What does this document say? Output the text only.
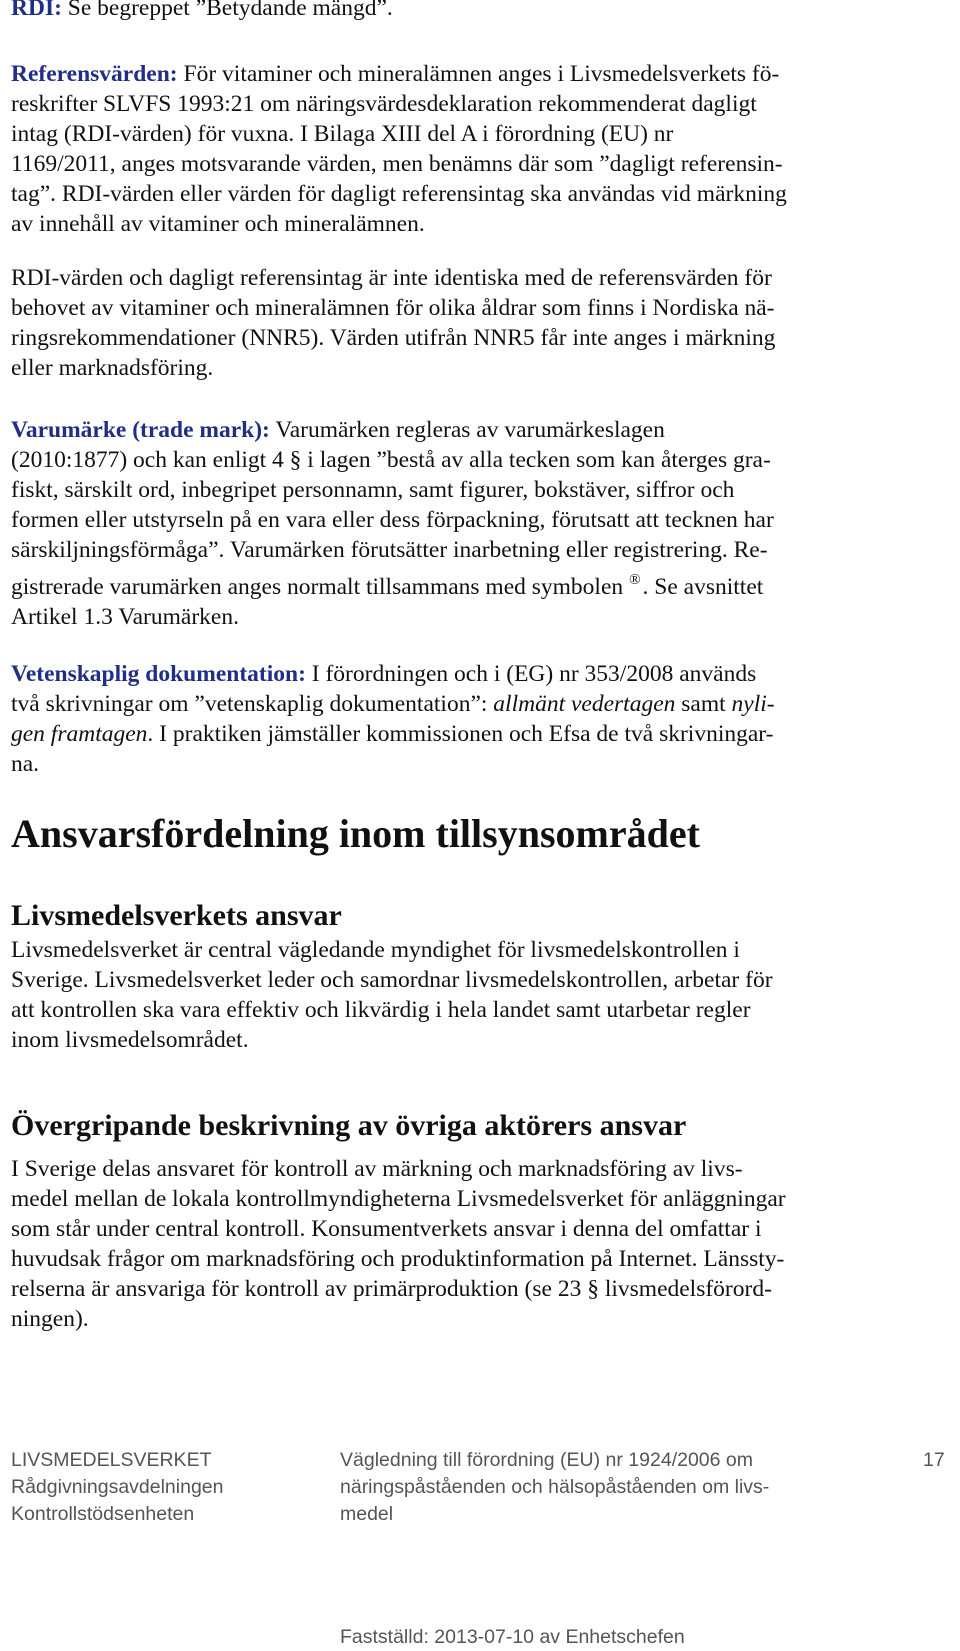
RDI: Se begreppet ”Betydande mängd”.

Referensvärden: För vitaminer och mineralämnen anges i Livsmedelsverkets fö-
reskrifter SLVFS 1993:21 om näringsvärdesdeklaration rekommenderat dagligt
intag (RDI-värden) för vuxna. I Bilaga XIII del A i förordning (EU) nr
1169/2011, anges motsvarande värden, men benämns där som ”dagligt referensin-
tag”. RDI-värden eller värden för dagligt referensintag ska användas vid märkning
av innehåll av vitaminer och mineralämnen.

RDI-värden och dagligt referensintag är inte identiska med de referensvärden för
behovet av vitaminer och mineralämnen för olika åldrar som finns i Nordiska nä-
ringsrekommendationer (NNR5). Värden utifrån NNR5 får inte anges i märkning
eller marknadsföring.

Varumärke (trade mark): Varumärken regleras av varumärkeslagen
(2010:1877) och kan enligt 4 § i lagen ”bestå av alla tecken som kan återges gra-
fiskt, särskilt ord, inbegripet personnamn, samt figurer, bokstäver, siffror och
formen eller utstyrseln på en vara eller dess förpackning, förutsatt att tecknen har
särskiljningsförmåga”. Varumärken förutsätter inarbetning eller registrering. Re-
gistrerade varumärken anges normalt tillsammans med symbolen ®. Se avsnittet
Artikel 1.3 Varumärken.

Vetenskaplig dokumentation: I förordningen och i (EG) nr 353/2008 används
två skrivningar om ”vetenskaplig dokumentation”: allmänt vedertagen samt nyli-
gen framtagen. I praktiken jämställer kommissionen och Efsa de två skrivningar-
na.

Ansvarsfördelning inom tillsynsområdet
Livsmedelsverkets ansvar

Livsmedelsverket är central vägledande myndighet för livsmedelskontrollen i
Sverige. Livsmedelsverket leder och samordnar livsmedelskontrollen, arbetar för
att kontrollen ska vara effektiv och likvärdig i hela landet samt utarbetar regler
inom livsmedelsområdet.

Övergripande beskrivning av övriga aktörers ansvar

I Sverige delas ansvaret för kontroll av märkning och marknadsföring av livs-
medel mellan de lokala kontrollmyndigheterna Livsmedelsverket för anläggningar
som står under central kontroll. Konsumentverkets ansvar i denna del omfattar i
huvudsak frågor om marknadsföring och produktinformation på Internet. Länssty-
relserna är ansvariga för kontroll av primärproduktion (se 23 § livsmedelsförord-
ningen).

LIVSMEDELSVERKET
Rådgivningsavdelningen
Kontrollstödsenheten
Vägledning till förordning (EU) nr 1924/2006 om
näringspåståenden och hälsopåståenden om livs-
medel
17
Fastställd: 2013-07-10 av Enhetschefen
